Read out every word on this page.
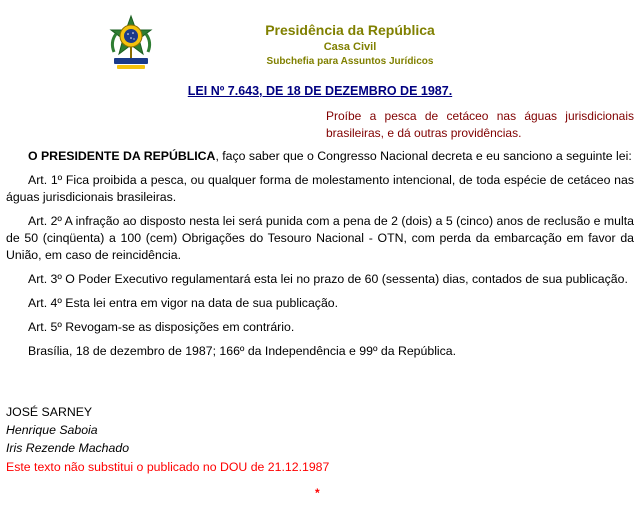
Presidência da República
Casa Civil
Subchefia para Assuntos Jurídicos
LEI Nº 7.643, DE 18 DE DEZEMBRO DE 1987.
Proíbe a pesca de cetáceo nas águas jurisdicionais brasileiras, e dá outras providências.

O PRESIDENTE DA REPÚBLICA, faço saber que o Congresso Nacional decreta e eu sanciono a seguinte lei:

Art. 1º Fica proibida a pesca, ou qualquer forma de molestamento intencional, de toda espécie de cetáceo nas águas jurisdicionais brasileiras.

Art. 2º A infração ao disposto nesta lei será punida com a pena de 2 (dois) a 5 (cinco) anos de reclusão e multa de 50 (cinqüenta) a 100 (cem) Obrigações do Tesouro Nacional - OTN, com perda da embarcação em favor da União, em caso de reincidência.

Art. 3º O Poder Executivo regulamentará esta lei no prazo de 60 (sessenta) dias, contados de sua publicação.

Art. 4º Esta lei entra em vigor na data de sua publicação.

Art. 5º Revogam-se as disposições em contrário.

Brasília, 18 de dezembro de 1987; 166º da Independência e 99º da República.

JOSÉ SARNEY
Henrique Saboia
Iris Rezende Machado
Este texto não substitui o publicado no DOU de 21.12.1987
*
